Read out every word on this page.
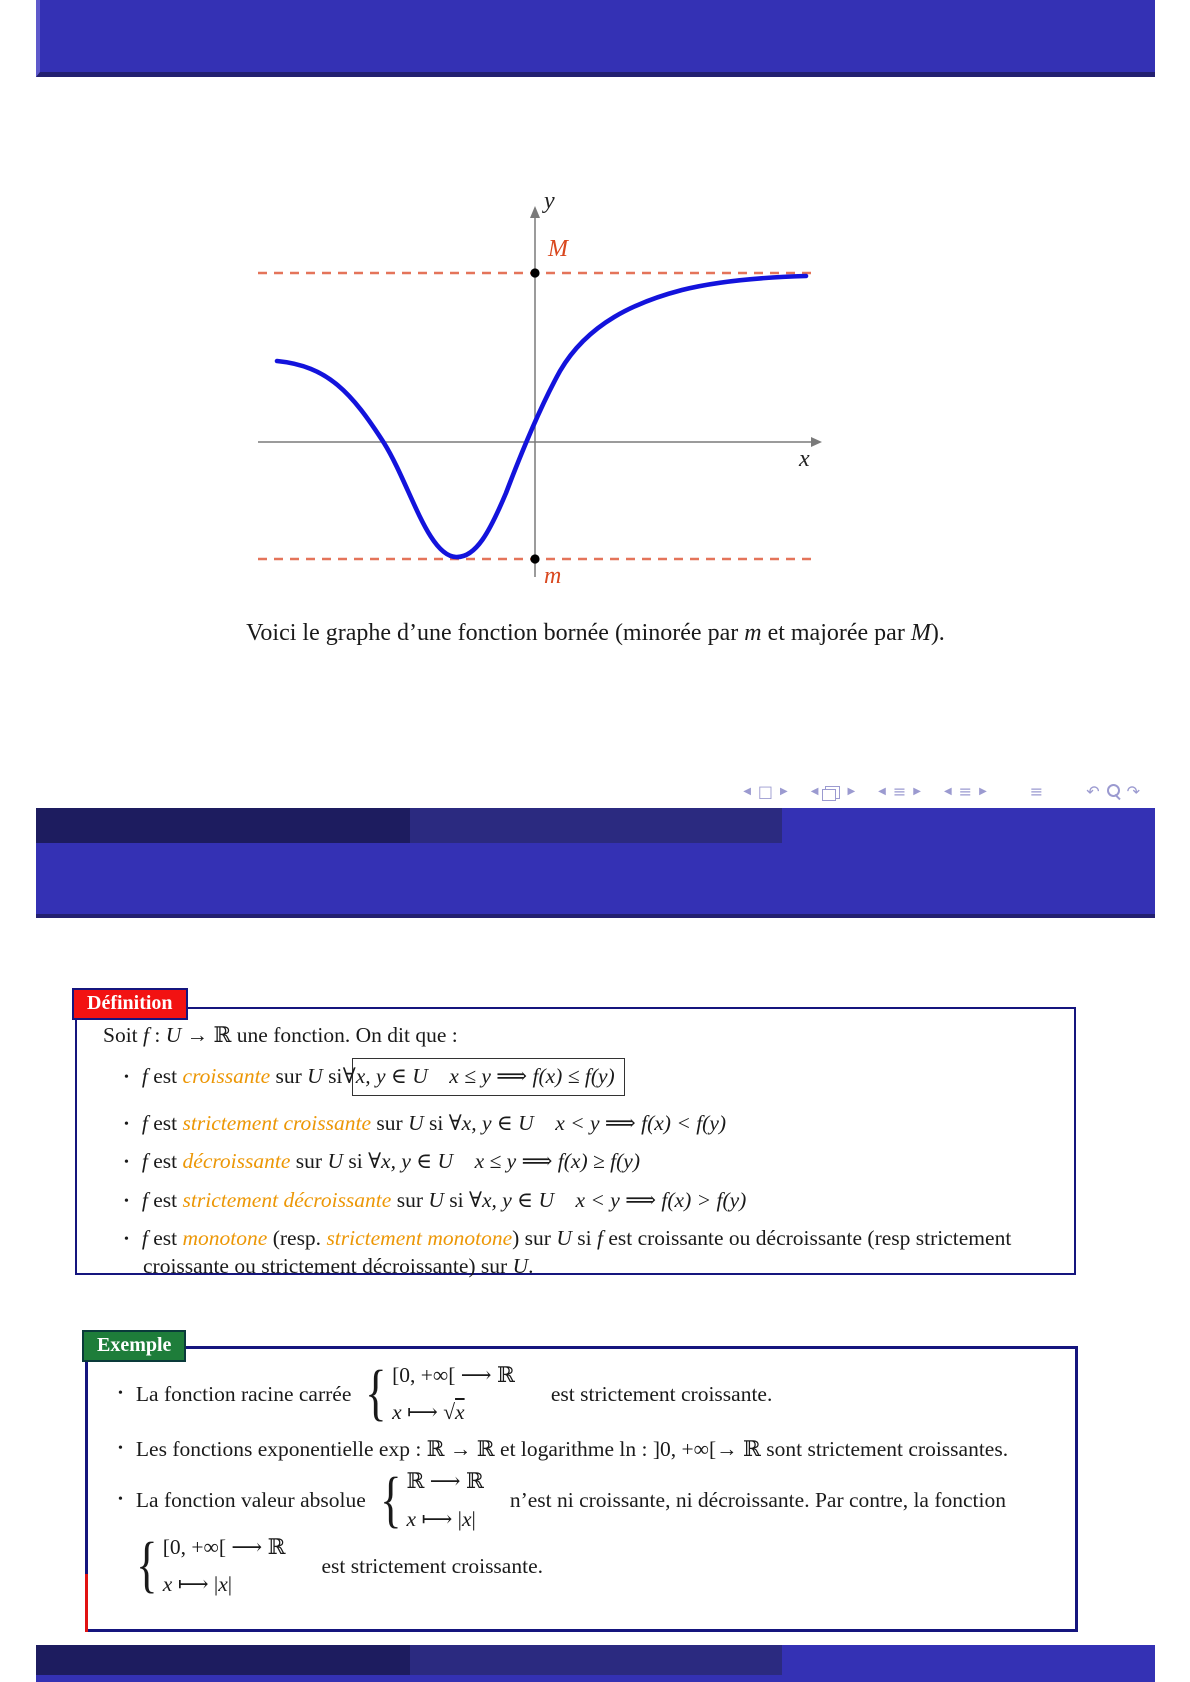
y
M
x
m

Voici le graphe d’une fonction bornée (minorée par m et majorée par M).

◀ □ ▶ ◀	▶ ◀ ≡ ▶ ◀ ≡ ▶	≡	↶ ↷
Définition

Soit f : U → ℝ une fonction. On dit que :

• f est croissante sur U si ∀x, y ∈ U  x ≤ y ⟹ f(x) ≤ f(y)

• f est strictement croissante sur U si ∀x, y ∈ U  x < y ⟹ f(x) < f(y)

• f est décroissante sur U si ∀x, y ∈ U  x ≤ y ⟹ f(x) ≥ f(y)

• f est strictement décroissante sur U si ∀x, y ∈ U  x < y ⟹ f(x) > f(y)

• f est monotone (resp. strictement monotone) sur U si f est croissante ou décroissante (resp strictement croissante ou strictement décroissante) sur U.

Exemple
• La fonction racine carrée { [0, +∞[ ⟶ ℝ
x ⟼ √x
est strictement croissante.
• Les fonctions exponentielle exp : ℝ → ℝ et logarithme ln : ]0, +∞[→ ℝ sont strictement croissantes.
• La fonction valeur absolue { ℝ ⟶ ℝ
x ⟼ |x|
n’est ni croissante, ni décroissante. Par contre, la fonction
{ [0, +∞[ ⟶ ℝ
x ⟼ |x|
est strictement croissante.
